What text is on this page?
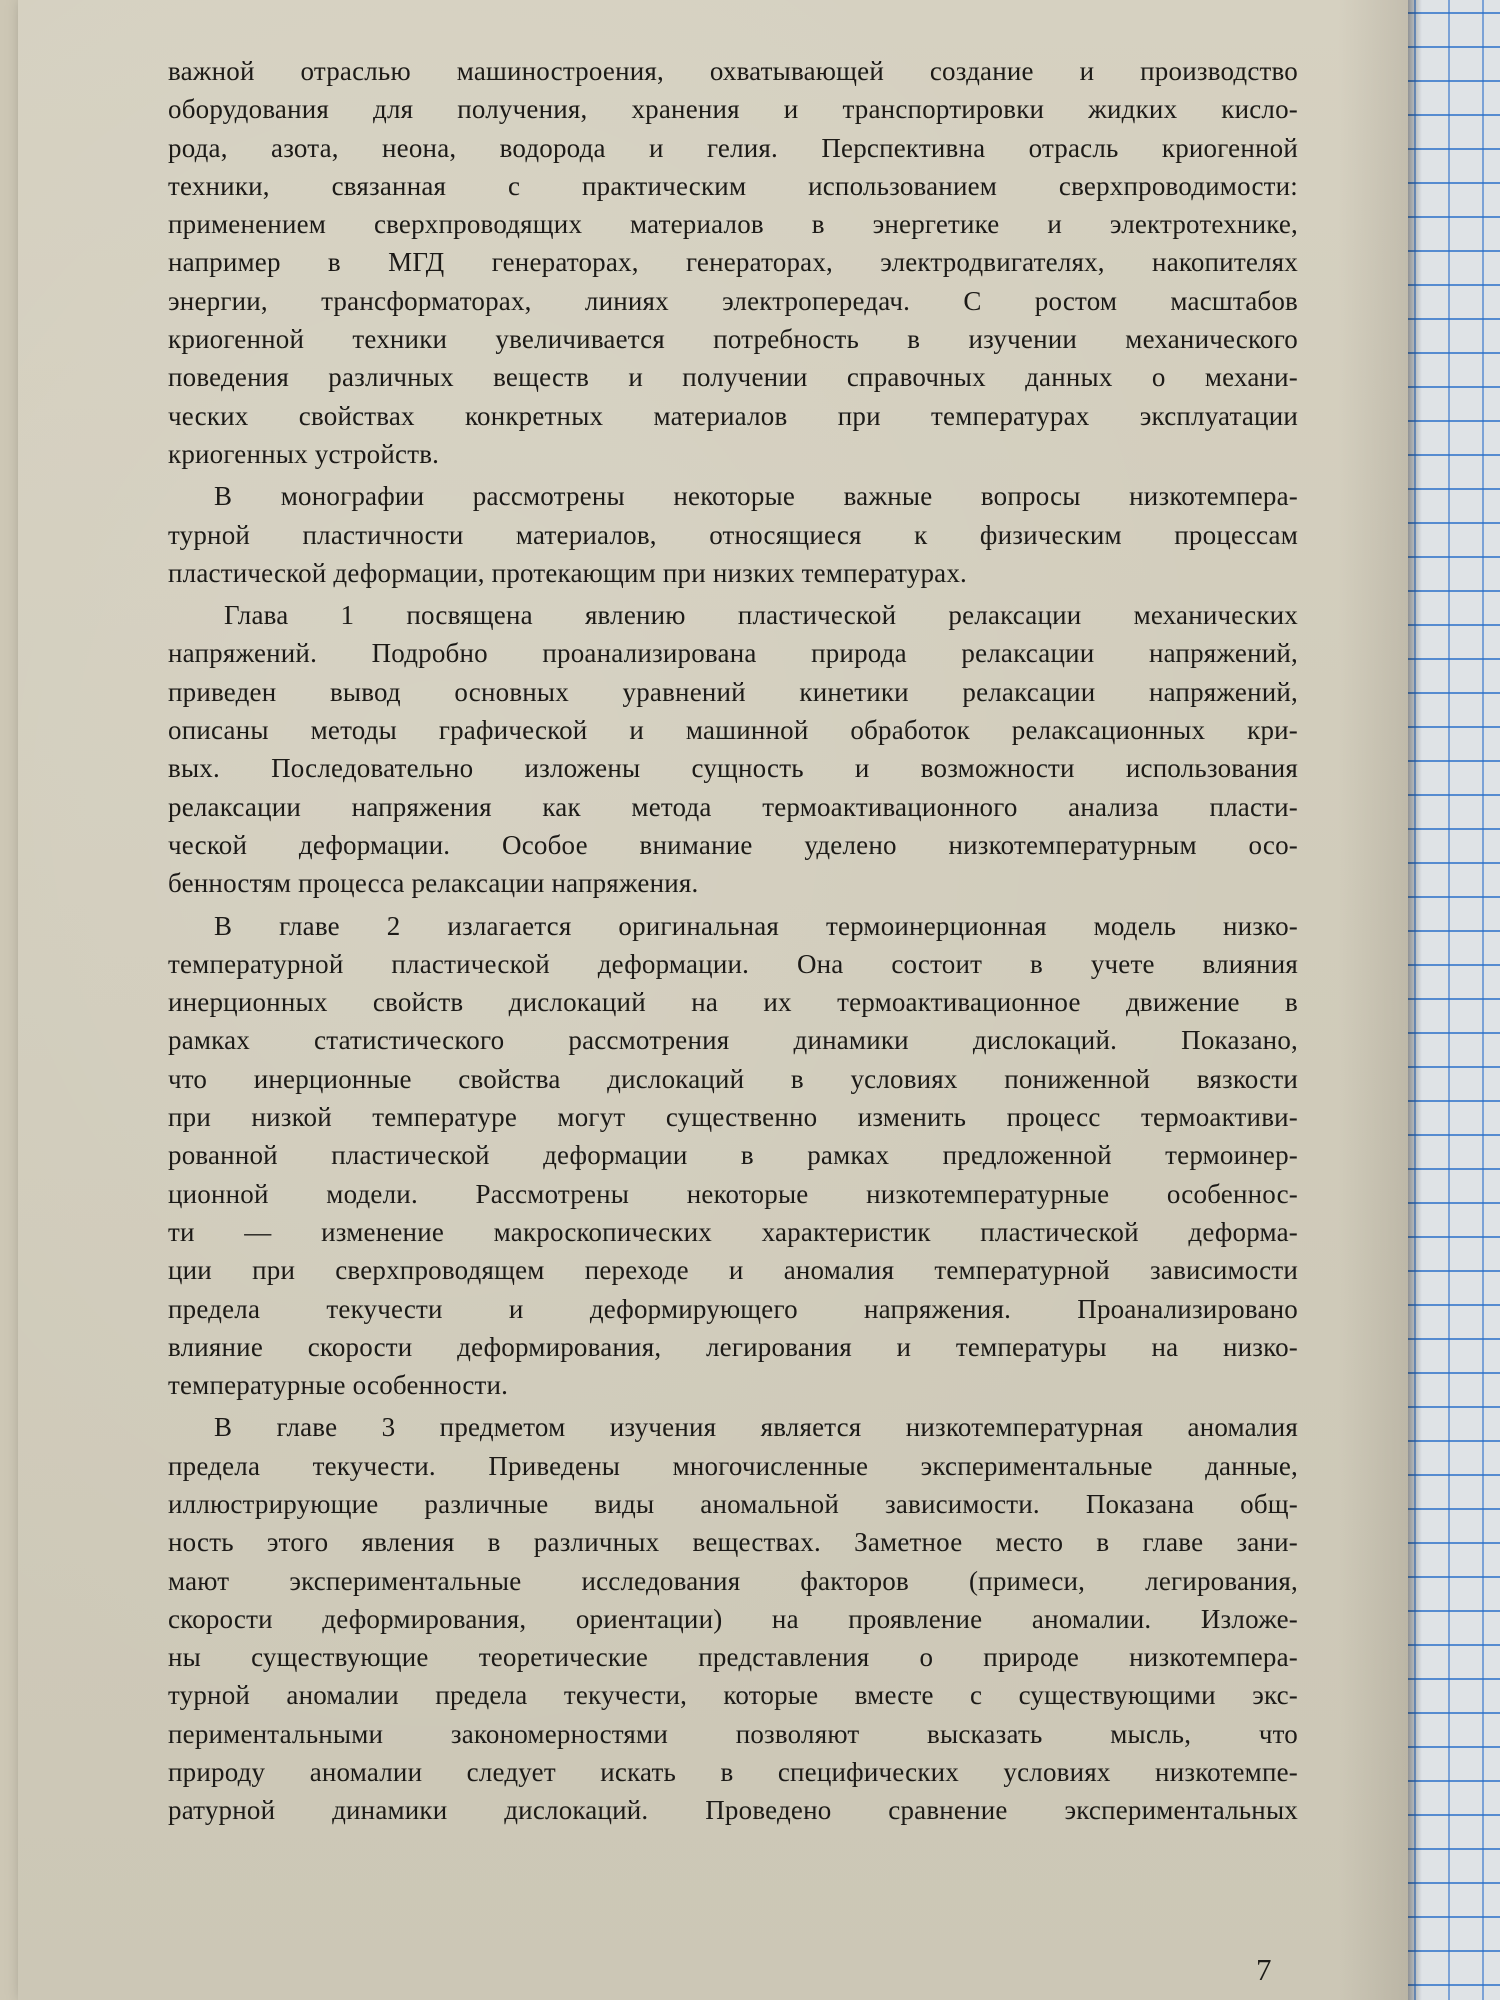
важной отраслью машиностроения, охватывающей создание и производство
оборудования для получения, хранения и транспортировки жидких кисло-
рода, азота, неона, водорода и гелия. Перспективна отрасль криогенной
техники, связанная с практическим использованием сверхпроводимости:
применением сверхпроводящих материалов в энергетике и электротехнике,
например в МГД генераторах, генераторах, электродвигателях, накопителях
энергии, трансформаторах, линиях электропередач. С ростом масштабов
криогенной техники увеличивается потребность в изучении механического
поведения различных веществ и получении справочных данных о механи-
ческих свойствах конкретных материалов при температурах эксплуатации
криогенных устройств.

В монографии рассмотрены некоторые важные вопросы низкотемпера-
турной пластичности материалов, относящиеся к физическим процессам
пластической деформации, протекающим при низких температурах.

Глава 1 посвящена явлению пластической релаксации механических
напряжений. Подробно проанализирована природа релаксации напряжений,
приведен вывод основных уравнений кинетики релаксации напряжений,
описаны методы графической и машинной обработок релаксационных кри-
вых. Последовательно изложены сущность и возможности использования
релаксации напряжения как метода термоактивационного анализа пласти-
ческой деформации. Особое внимание уделено низкотемпературным осо-
бенностям процесса релаксации напряжения.

В главе 2 излагается оригинальная термоинерционная модель низко-
температурной пластической деформации. Она состоит в учете влияния
инерционных свойств дислокаций на их термоактивационное движение в
рамках статистического рассмотрения динамики дислокаций. Показано,
что инерционные свойства дислокаций в условиях пониженной вязкости
при низкой температуре могут существенно изменить процесс термоактиви-
рованной пластической деформации в рамках предложенной термоинер-
ционной модели. Рассмотрены некоторые низкотемпературные особеннос-
ти — изменение макроскопических характеристик пластической деформа-
ции при сверхпроводящем переходе и аномалия температурной зависимости
предела текучести и деформирующего напряжения. Проанализировано
влияние скорости деформирования, легирования и температуры на низко-
температурные особенности.

В главе 3 предметом изучения является низкотемпературная аномалия
предела текучести. Приведены многочисленные экспериментальные данные,
иллюстрирующие различные виды аномальной зависимости. Показана общ-
ность этого явления в различных веществах. Заметное место в главе зани-
мают экспериментальные исследования факторов (примеси, легирования,
скорости деформирования, ориентации) на проявление аномалии. Изложе-
ны существующие теоретические представления о природе низкотемпера-
турной аномалии предела текучести, которые вместе с существующими экс-
периментальными закономерностями позволяют высказать мысль, что
природу аномалии следует искать в специфических условиях низкотемпе-
ратурной динамики дислокаций. Проведено сравнение экспериментальных

7
